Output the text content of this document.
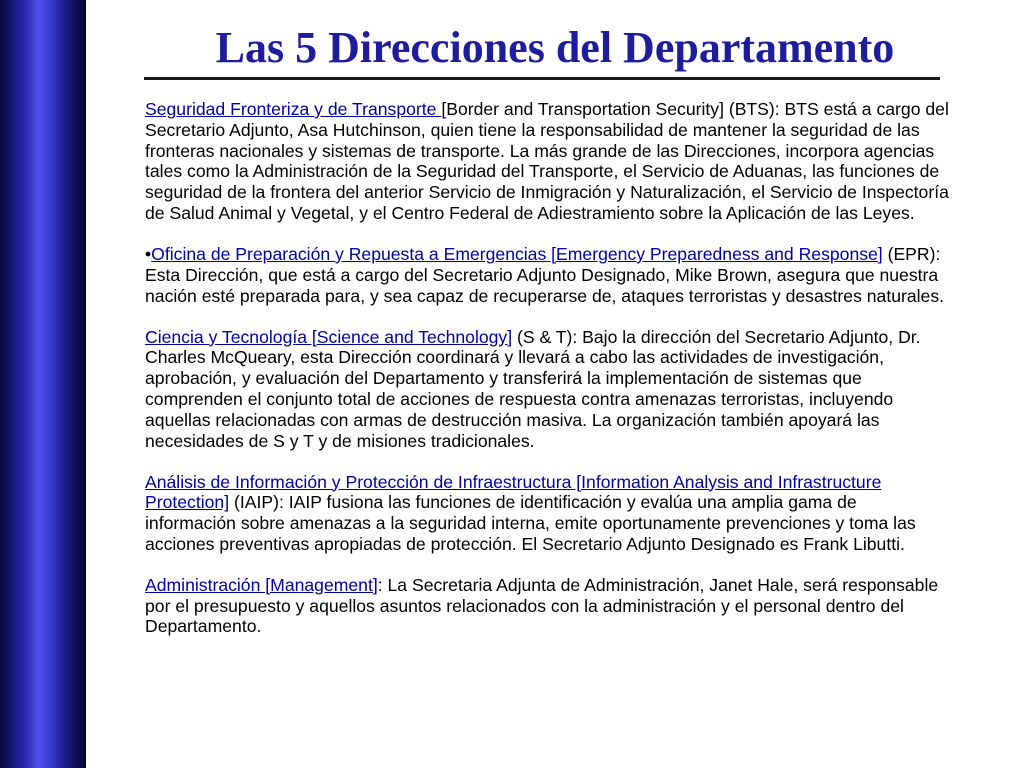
Las 5 Direcciones del Departamento

Seguridad Fronteriza y de Transporte [Border and Transportation Security] (BTS): BTS está a cargo del Secretario Adjunto, Asa Hutchinson, quien tiene la responsabilidad de mantener la seguridad de las fronteras nacionales y sistemas de transporte. La más grande de las Direcciones, incorpora agencias tales como la Administración de la Seguridad del Transporte, el Servicio de Aduanas, las funciones de seguridad de la frontera del anterior Servicio de Inmigración y Naturalización, el Servicio de Inspectoría de Salud Animal y Vegetal, y el Centro Federal de Adiestramiento sobre la Aplicación de las Leyes.

•Oficina de Preparación y Repuesta a Emergencias [Emergency Preparedness and Response] (EPR): Esta Dirección, que está a cargo del Secretario Adjunto Designado, Mike Brown, asegura que nuestra nación esté preparada para, y sea capaz de recuperarse de, ataques terroristas y desastres naturales.

Ciencia y Tecnología [Science and Technology] (S & T): Bajo la dirección del Secretario Adjunto, Dr. Charles McQueary, esta Dirección coordinará y llevará a cabo las actividades de investigación, aprobación, y evaluación del Departamento y transferirá la implementación de sistemas que comprenden el conjunto total de acciones de respuesta contra amenazas terroristas, incluyendo aquellas relacionadas con armas de destrucción masiva. La organización también apoyará las necesidades de S y T y de misiones tradicionales.

Análisis de Información y Protección de Infraestructura [Information Analysis and Infrastructure Protection] (IAIP): IAIP fusiona las funciones de identificación y evalúa una amplia gama de información sobre amenazas a la seguridad interna, emite oportunamente prevenciones y toma las acciones preventivas apropiadas de protección. El Secretario Adjunto Designado es Frank Libutti.

Administración [Management]: La Secretaria Adjunta de Administración, Janet Hale, será responsable por el presupuesto y aquellos asuntos relacionados con la administración y el personal dentro del Departamento.
